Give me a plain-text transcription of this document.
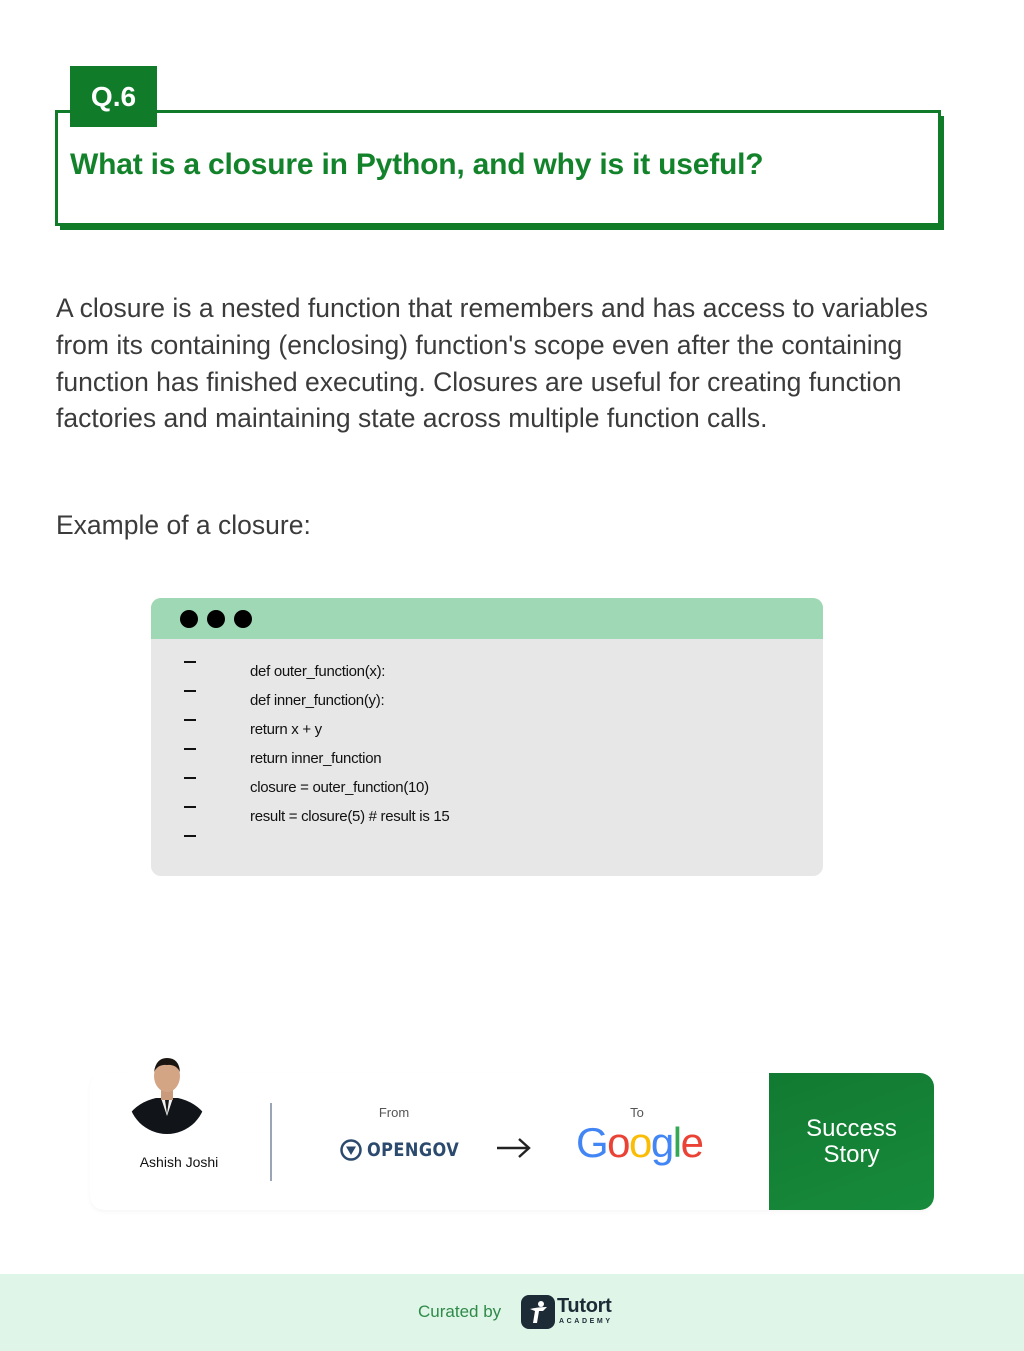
Q.6
What is a closure in Python, and why is it useful?
A closure is a nested function that remembers and has access to variables from its containing (enclosing) function's scope even after the containing function has finished executing. Closures are useful for creating function factories and maintaining state across multiple function calls.
Example of a closure:
def outer_function(x):
def inner_function(y):
return x + y
return inner_function
closure = outer_function(10)
result = closure(5) # result is 15
Ashish Joshi
From
OPENGOV
To
Google	Success
Story
Curated by	Tutort
ACADEMY
